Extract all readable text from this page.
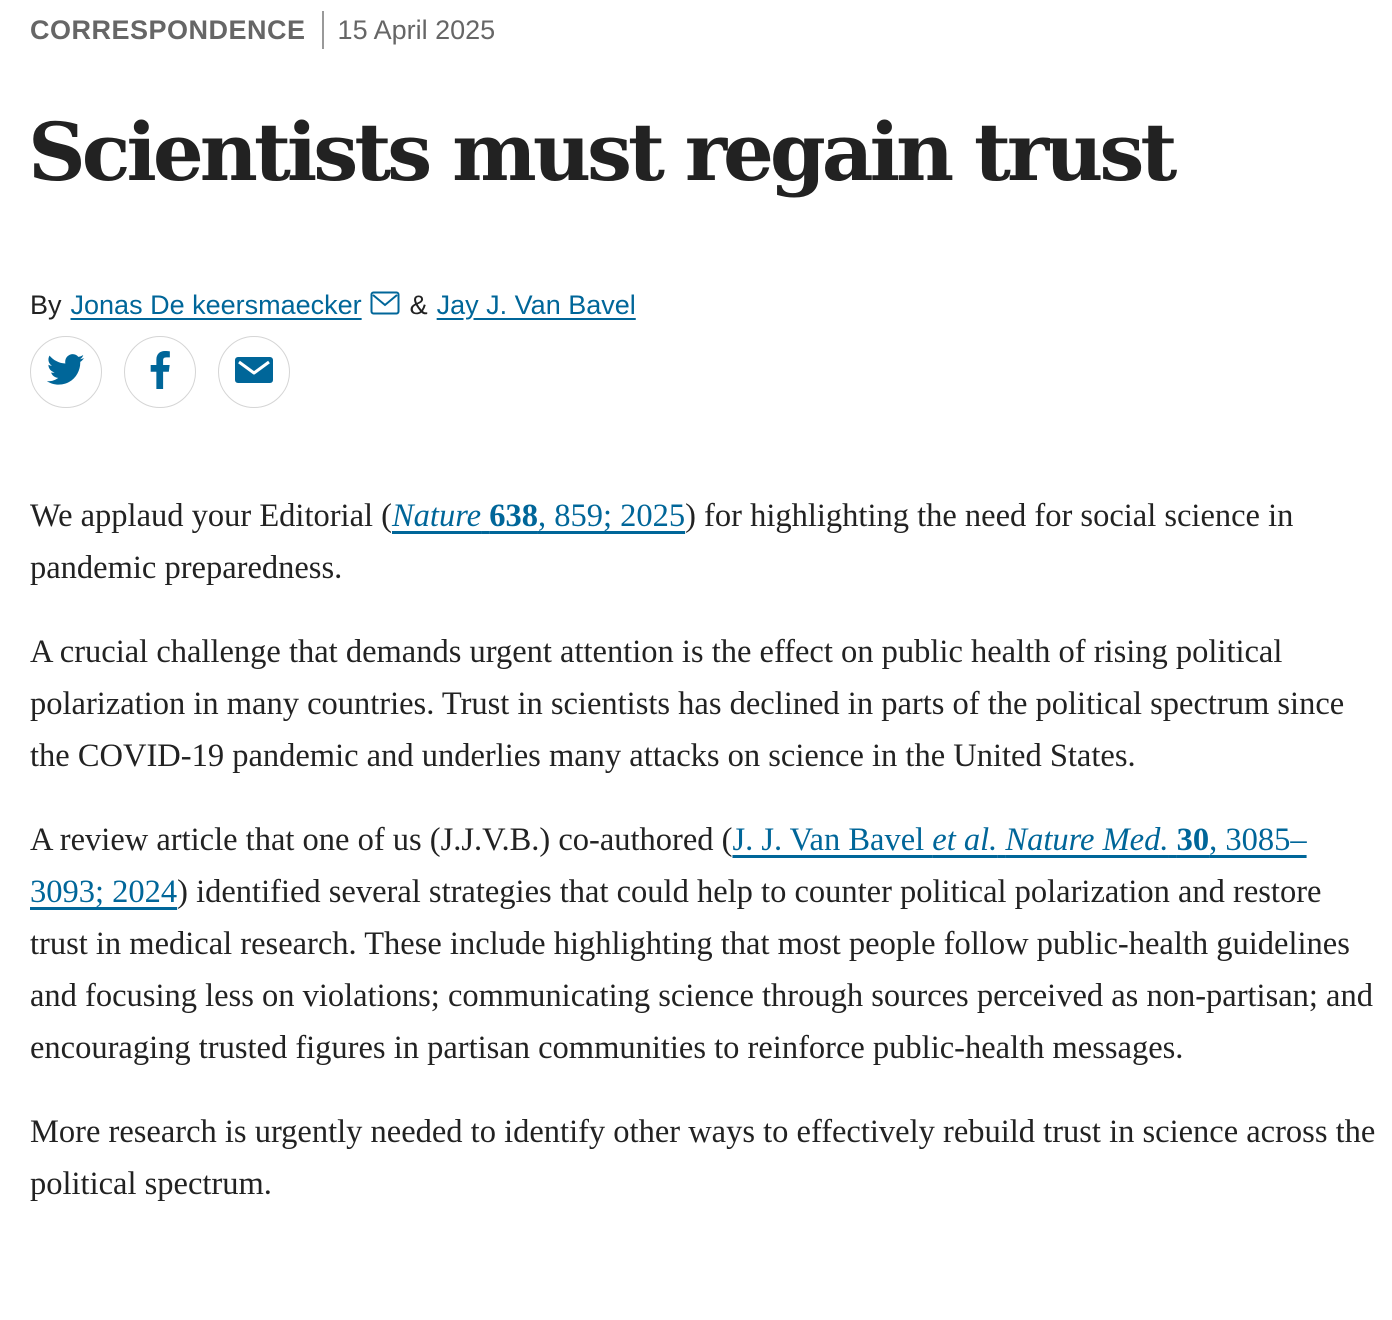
CORRESPONDENCE 15 April 2025
Scientists must regain trust
By Jonas De keersmaecker & Jay J. Van Bavel

We applaud your Editorial (Nature 638, 859; 2025) for highlighting the need for social science in pandemic preparedness.

A crucial challenge that demands urgent attention is the effect on public health of rising political polarization in many countries. Trust in scientists has declined in parts of the political spectrum since the COVID-19 pandemic and underlies many attacks on science in the United States.

A review article that one of us (J.J.V.B.) co-authored (J. J. Van Bavel et al. Nature Med. 30, 3085–3093; 2024) identified several strategies that could help to counter political polarization and restore trust in medical research. These include highlighting that most people follow public-health guidelines and focusing less on violations; communicating science through sources perceived as non-partisan; and encouraging trusted figures in partisan communities to reinforce public-health messages.

More research is urgently needed to identify other ways to effectively rebuild trust in science across the political spectrum.
